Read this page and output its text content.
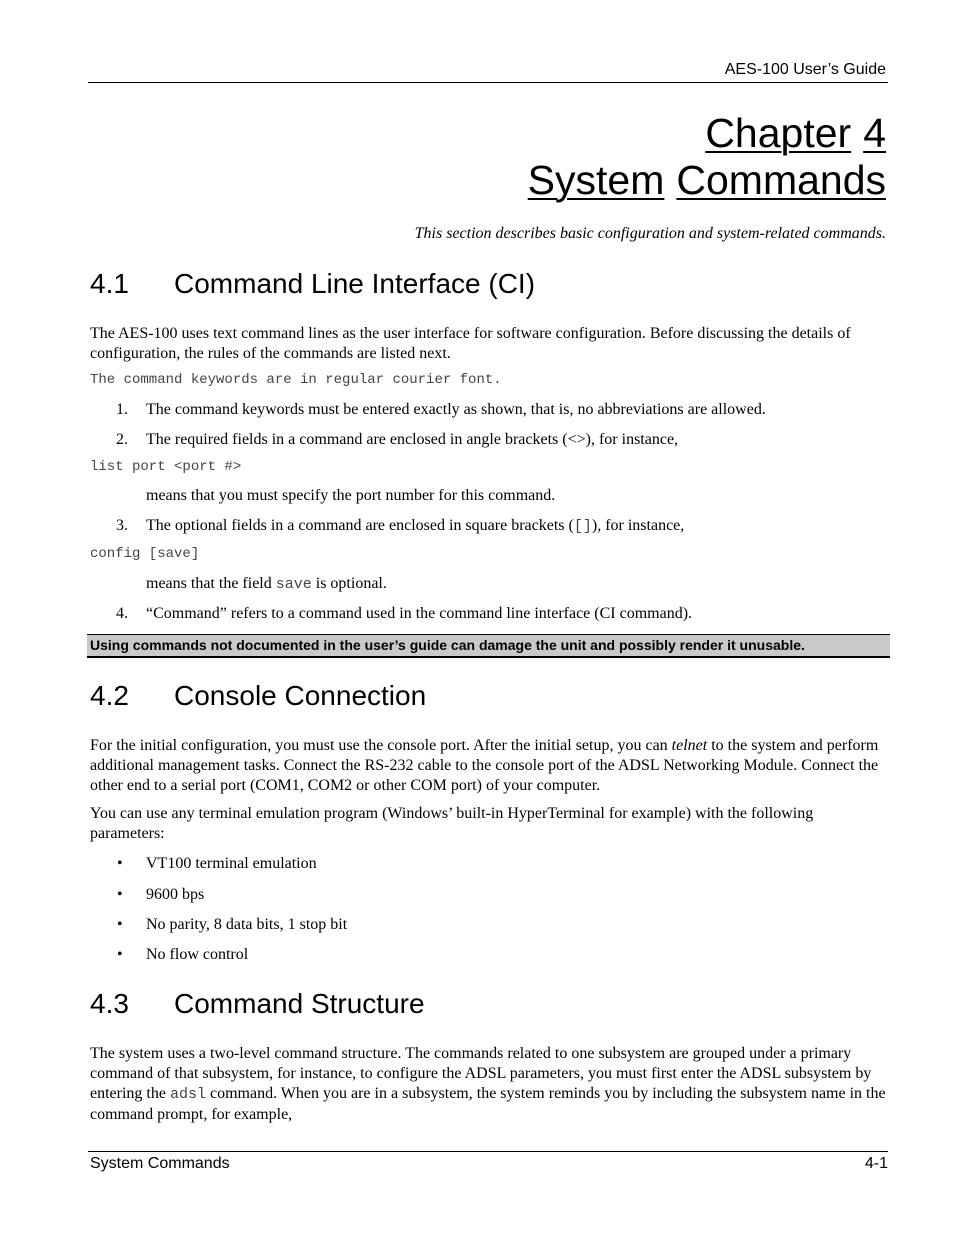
AES-100 User’s Guide
Chapter 4
System Commands
This section describes basic configuration and system-related commands.
4.1 Command Line Interface (CI)
The AES-100 uses text command lines as the user interface for software configuration. Before discussing the details of configuration, the rules of the commands are listed next.
The command keywords are in regular courier font.
1. The command keywords must be entered exactly as shown, that is, no abbreviations are allowed.
2. The required fields in a command are enclosed in angle brackets (<>), for instance,
list port <port #>
means that you must specify the port number for this command.
3. The optional fields in a command are enclosed in square brackets ([]), for instance,
config [save]
means that the field save is optional.
4. “Command” refers to a command used in the command line interface (CI command).
Using commands not documented in the user’s guide can damage the unit and possibly render it unusable.
4.2 Console Connection
For the initial configuration, you must use the console port. After the initial setup, you can telnet to the system and perform additional management tasks. Connect the RS-232 cable to the console port of the ADSL Networking Module. Connect the other end to a serial port (COM1, COM2 or other COM port) of your computer.
You can use any terminal emulation program (Windows’ built-in HyperTerminal for example) with the following parameters:
• VT100 terminal emulation
• 9600 bps
• No parity, 8 data bits, 1 stop bit
• No flow control
4.3 Command Structure
The system uses a two-level command structure. The commands related to one subsystem are grouped under a primary command of that subsystem, for instance, to configure the ADSL parameters, you must first enter the ADSL subsystem by entering the adsl command. When you are in a subsystem, the system reminds you by including the subsystem name in the command prompt, for example,
System Commands	4-1
